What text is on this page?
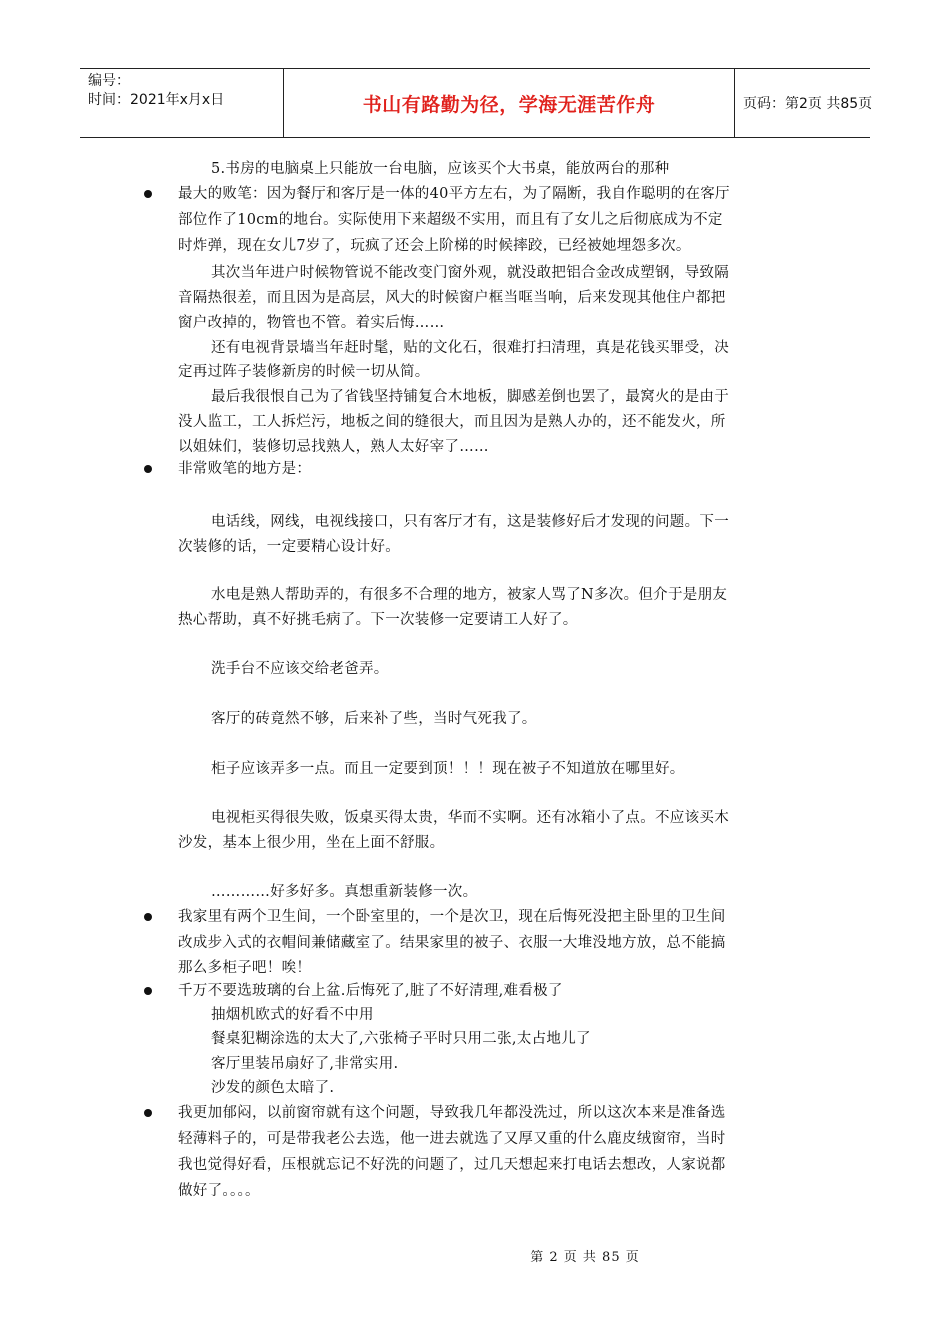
编号：
时间：2021年x月x日	书山有路勤为径，学海无涯苦作舟	页码：第2页 共85页
5.书房的电脑桌上只能放一台电脑，应该买个大书桌，能放两台的那种
最大的败笔：因为餐厅和客厅是一体的40平方左右，为了隔断，我自作聪明的在客厅
部位作了10cm的地台。实际使用下来超级不实用，而且有了女儿之后彻底成为不定
时炸弹，现在女儿7岁了，玩疯了还会上阶梯的时候摔跤，已经被她埋怨多次。
其次当年进户时候物管说不能改变门窗外观，就没敢把铝合金改成塑钢，导致隔
音隔热很差，而且因为是高层，风大的时候窗户框当哐当响，后来发现其他住户都把
窗户改掉的，物管也不管。着实后悔……
还有电视背景墙当年赶时髦，贴的文化石，很难打扫清理，真是花钱买罪受，决
定再过阵子装修新房的时候一切从简。
最后我很恨自己为了省钱坚持铺复合木地板，脚感差倒也罢了，最窝火的是由于
没人监工，工人拆烂污，地板之间的缝很大，而且因为是熟人办的，还不能发火，所
以姐妹们，装修切忌找熟人，熟人太好宰了……
非常败笔的地方是：
电话线，网线，电视线接口，只有客厅才有，这是装修好后才发现的问题。下一
次装修的话，一定要精心设计好。
水电是熟人帮助弄的，有很多不合理的地方，被家人骂了N多次。但介于是朋友
热心帮助，真不好挑毛病了。下一次装修一定要请工人好了。
洗手台不应该交给老爸弄。
客厅的砖竟然不够，后来补了些，当时气死我了。
柜子应该弄多一点。而且一定要到顶！！！现在被子不知道放在哪里好。
电视柜买得很失败，饭桌买得太贵，华而不实啊。还有冰箱小了点。不应该买木
沙发，基本上很少用，坐在上面不舒服。
…………好多好多。真想重新装修一次。
我家里有两个卫生间，一个卧室里的，一个是次卫，现在后悔死没把主卧里的卫生间
改成步入式的衣帽间兼储藏室了。结果家里的被子、衣服一大堆没地方放，总不能搞
那么多柜子吧！唉！
千万不要选玻璃的台上盆.后悔死了,脏了不好清理,难看极了
抽烟机欧式的好看不中用
餐桌犯糊涂选的太大了,六张椅子平时只用二张,太占地儿了
客厅里装吊扇好了,非常实用.
沙发的颜色太暗了.
我更加郁闷，以前窗帘就有这个问题，导致我几年都没洗过，所以这次本来是准备选
轻薄料子的，可是带我老公去选，他一进去就选了又厚又重的什么鹿皮绒窗帘，当时
我也觉得好看，压根就忘记不好洗的问题了，过几天想起来打电话去想改，人家说都
做好了。。。。
第 2 页 共 85 页
